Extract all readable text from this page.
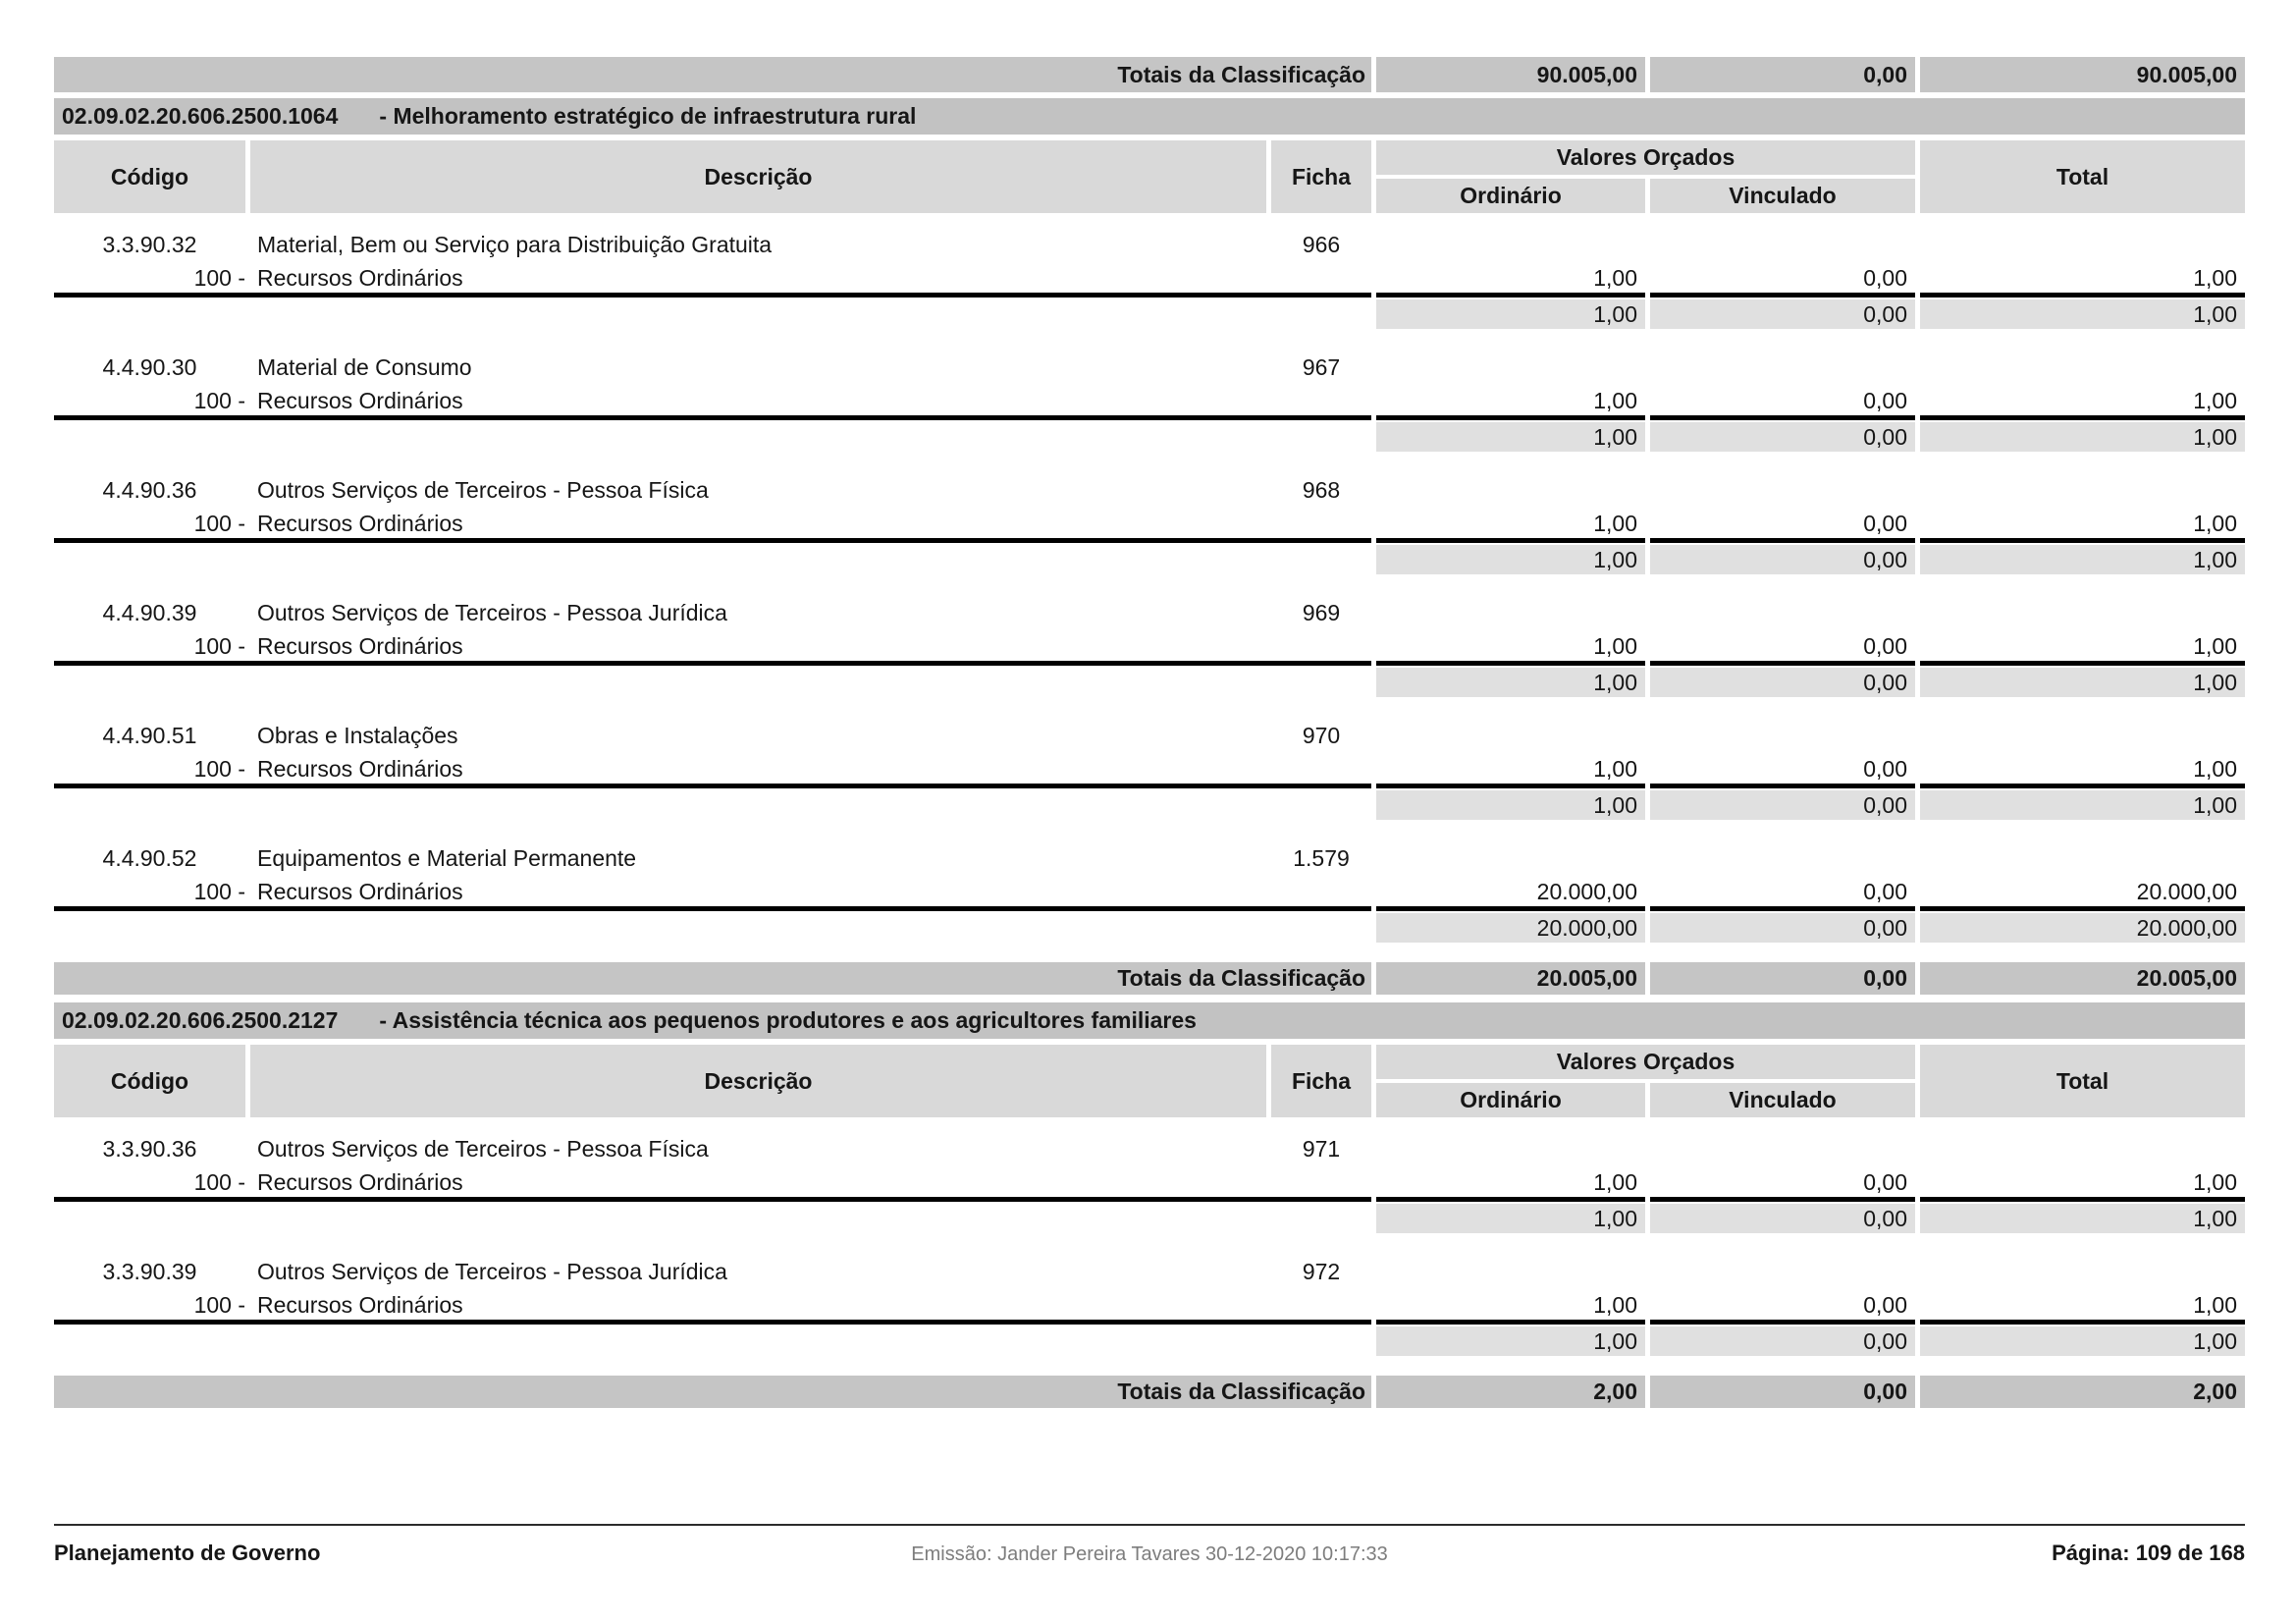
Totais da Classificação	90.005,00	0,00	90.005,00
02.09.02.20.606.2500.1064 - Melhoramento estratégico de infraestrutura rural
Código	Descrição	Ficha
Valores Orçados
Ordinário	Vinculado
Total
3.3.90.32	Material, Bem ou Serviço para Distribuição Gratuita	966
100 - Recursos Ordinários	1,00	0,00	1,00
1,00	0,00	1,00
4.4.90.30	Material de Consumo	967
100 - Recursos Ordinários	1,00	0,00	1,00
1,00	0,00	1,00
4.4.90.36	Outros Serviços de Terceiros - Pessoa Física	968
100 - Recursos Ordinários	1,00	0,00	1,00
1,00	0,00	1,00
4.4.90.39	Outros Serviços de Terceiros - Pessoa Jurídica	969
100 - Recursos Ordinários	1,00	0,00	1,00
1,00	0,00	1,00
4.4.90.51	Obras e Instalações	970
100 - Recursos Ordinários	1,00	0,00	1,00
1,00	0,00	1,00
4.4.90.52	Equipamentos e Material Permanente	1.579
100 - Recursos Ordinários	20.000,00	0,00	20.000,00
20.000,00	0,00	20.000,00
Totais da Classificação	20.005,00	0,00	20.005,00
02.09.02.20.606.2500.2127 - Assistência técnica aos pequenos produtores e aos agricultores familiares
Código	Descrição	Ficha
Valores Orçados
Ordinário	Vinculado
Total
3.3.90.36	Outros Serviços de Terceiros - Pessoa Física	971
100 - Recursos Ordinários	1,00	0,00	1,00
1,00	0,00	1,00
3.3.90.39	Outros Serviços de Terceiros - Pessoa Jurídica	972
100 - Recursos Ordinários	1,00	0,00	1,00
1,00	0,00	1,00
Totais da Classificação	2,00	0,00	2,00
Planejamento de Governo	Emissão: Jander Pereira Tavares 30-12-2020 10:17:33	Página: 109 de 168
